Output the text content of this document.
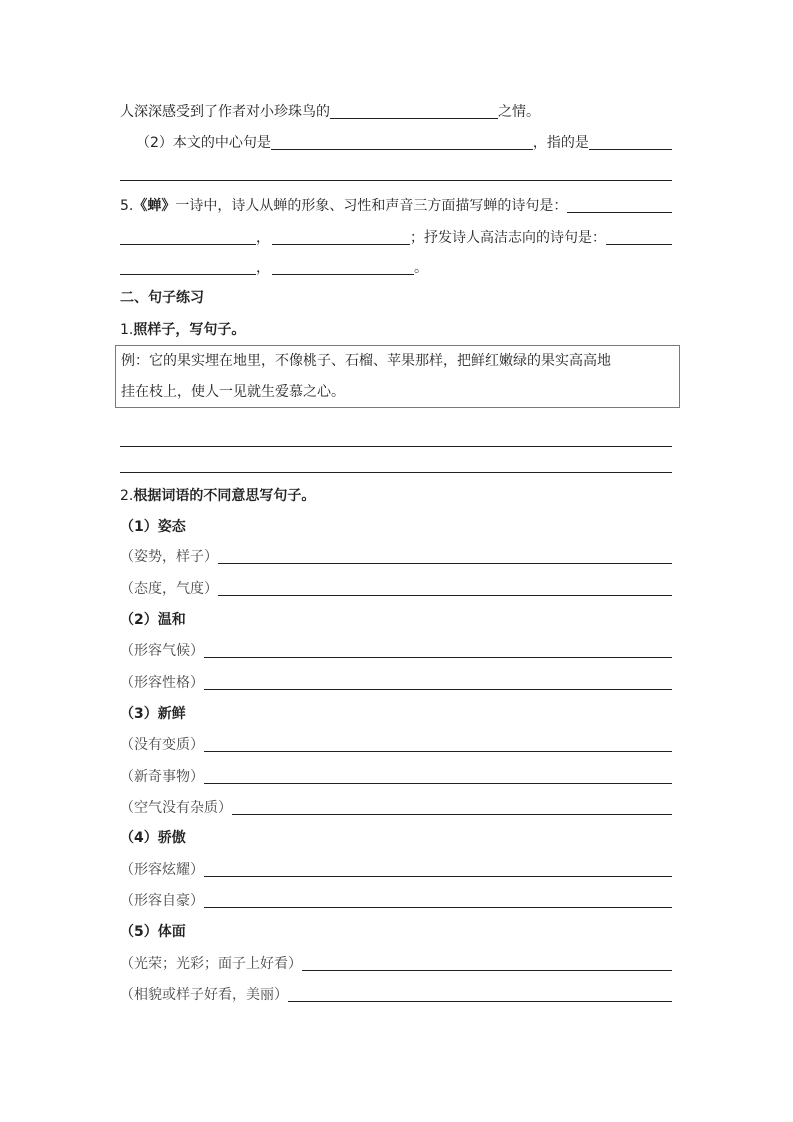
人深深感受到了作者对小珍珠鸟的	之情。
（2）本文的中心句是	，指的是
5. 《蝉》 一诗中，诗人从蝉的形象、习性和声音三方面描写蝉的诗句是：
，	；抒发诗人高洁志向的诗句是：
，	。
二、句子练习
1. 照样子，写句子。
例：它的果实埋在地里，不像桃子、石榴、苹果那样，把鲜红嫩绿的果实高高地
挂在枝上，使人一见就生爱慕之心。
2. 根据词语的不同意思写句子。
（1）姿态
（姿势，样子）
（态度，气度）
（2）温和
（形容气候）
（形容性格）
（3）新鲜
（没有变质）
（新奇事物）
（空气没有杂质）
（4）骄傲
（形容炫耀）
（形容自豪）
（5）体面
（光荣；光彩；面子上好看）
（相貌或样子好看，美丽）
